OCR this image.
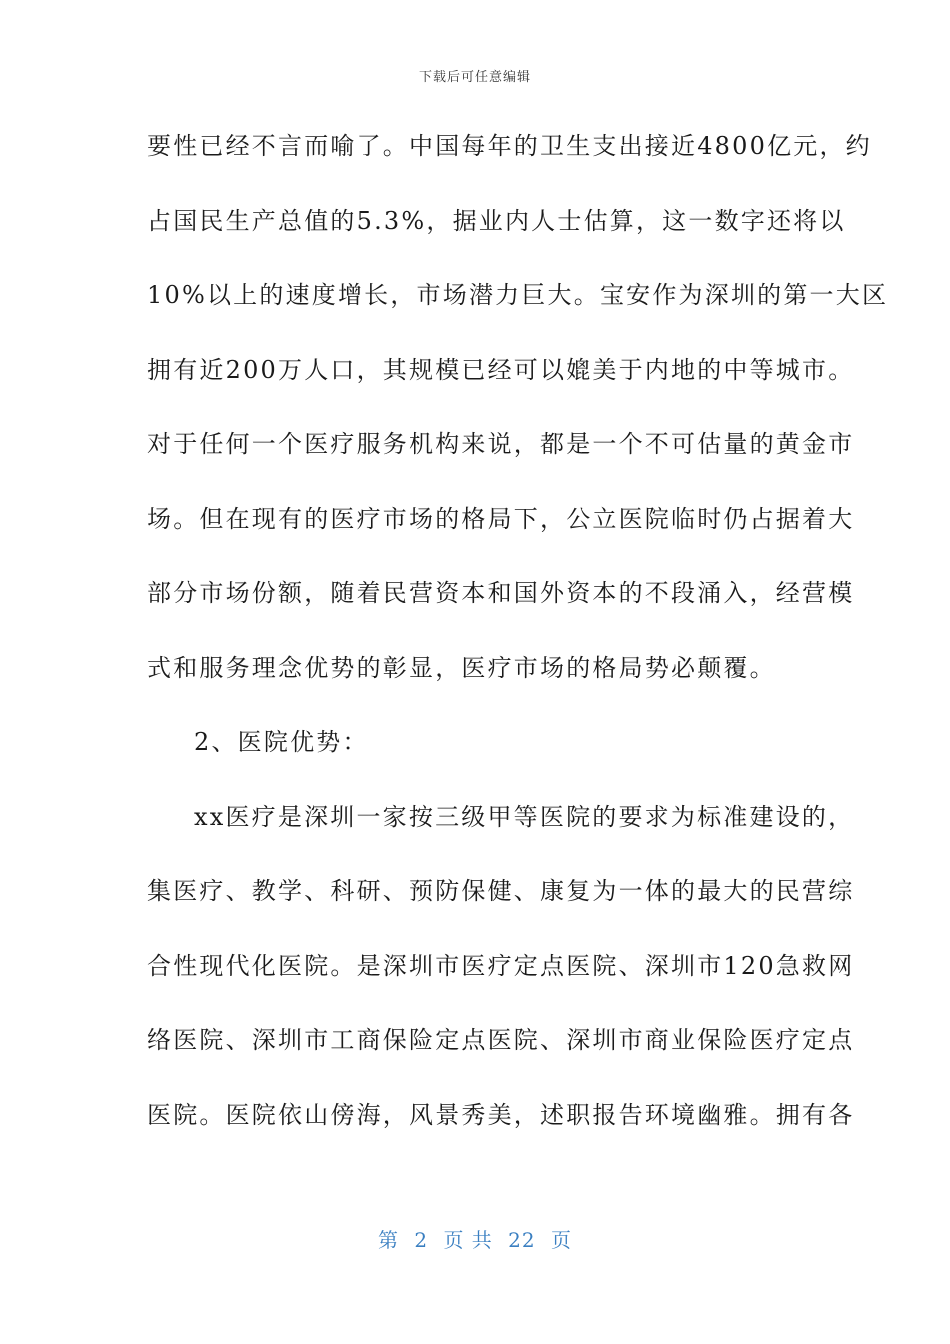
下载后可任意编辑
要性已经不言而喻了。中国每年的卫生支出接近4800亿元，约
占国民生产总值的5.3%，据业内人士估算，这一数字还将以
10%以上的速度增长，市场潜力巨大。宝安作为深圳的第一大区
拥有近200万人口，其规模已经可以媲美于内地的中等城市。
对于任何一个医疗服务机构来说，都是一个不可估量的黄金市
场。但在现有的医疗市场的格局下，公立医院临时仍占据着大
部分市场份额，随着民营资本和国外资本的不段涌入，经营模
式和服务理念优势的彰显，医疗市场的格局势必颠覆。
2、医院优势：
xx医疗是深圳一家按三级甲等医院的要求为标准建设的，
集医疗、教学、科研、预防保健、康复为一体的最大的民营综
合性现代化医院。是深圳市医疗定点医院、深圳市120急救网
络医院、深圳市工商保险定点医院、深圳市商业保险医疗定点
医院。医院依山傍海，风景秀美，述职报告环境幽雅。拥有各
第 2 页 共 22 页
